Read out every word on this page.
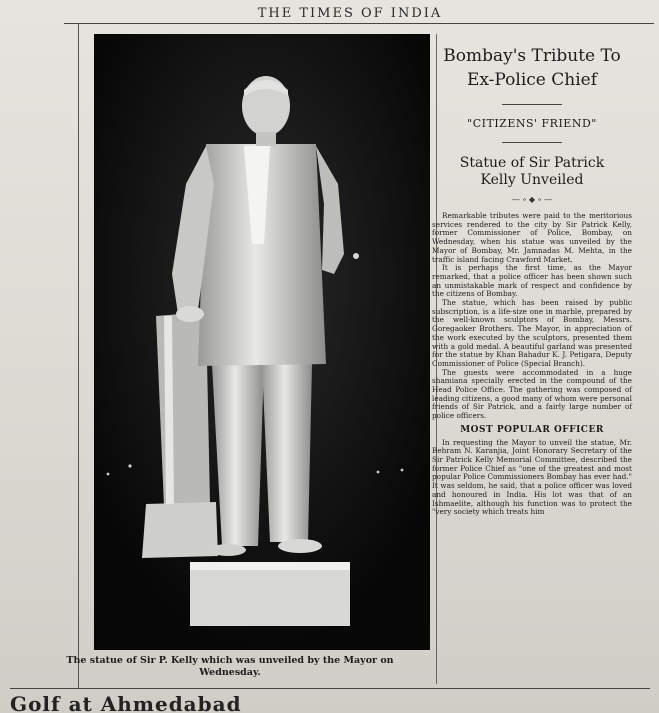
THE TIMES OF INDIA
The statue of Sir P. Kelly which was unveiled by the Mayor on Wednesday.
Bombay's Tribute To
Ex-Police Chief

"CITIZENS' FRIEND"

Statue of Sir Patrick
Kelly Unveiled
— ∘ ◆ ∘ —

Remarkable tributes were paid to the meritorious services rendered to the city by Sir Patrick Kelly, former Commissioner of Police, Bombay, on Wednesday, when his statue was unveiled by the Mayor of Bombay, Mr. Jamnadas M. Mehta, in the traffic island facing Crawford Market.

It is perhaps the first time, as the Mayor remarked, that a police officer has been shown such an unmistakable mark of respect and confidence by the citizens of Bombay.

The statue, which has been raised by public subscription, is a life-size one in marble, prepared by the well-known sculptors of Bombay, Messrs. Goregaoker Brothers. The Mayor, in appreciation of the work executed by the sculptors, presented them with a gold medal. A beautiful garland was presented for the statue by Khan Bahadur K. J. Petigara, Deputy Commissioner of Police (Special Branch).

The guests were accommodated in a huge shamiana specially erected in the compound of the Head Police Office. The gathering was composed of leading citizens, a good many of whom were personal friends of Sir Patrick, and a fairly large number of police officers.

MOST POPULAR OFFICER

In requesting the Mayor to unveil the statue, Mr. Behram N. Karanjia, Joint Honorary Secretary of the Sir Patrick Kelly Memorial Committee, described the former Police Chief as "one of the greatest and most popular Police Commissioners Bombay has ever had." It was seldom, he said, that a police officer was loved and honoured in India. His lot was that of an Ishmaelite, although his function was to protect the "very society which treats him

Golf at Ahmedabad
